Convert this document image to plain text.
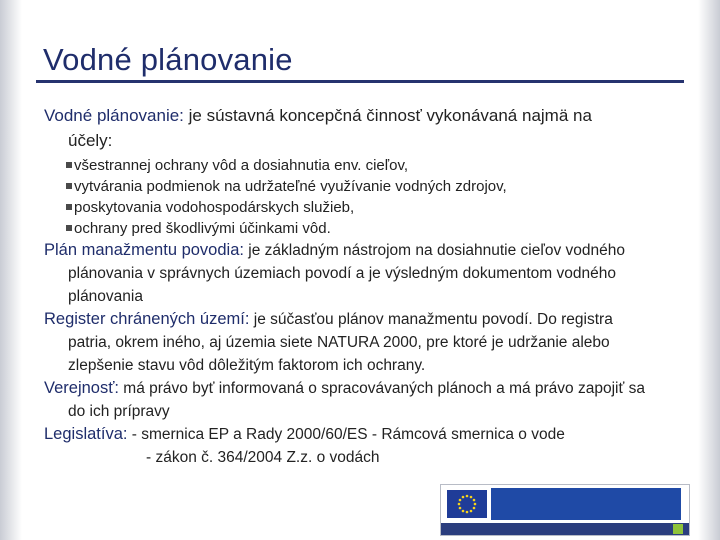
Vodné plánovanie

Vodné plánovanie: je sústavná koncepčná činnosť vykonávaná najmä na

účely:

všestrannej ochrany vôd a dosiahnutia env. cieľov,
vytvárania podmienok na udržateľné využívanie vodných zdrojov,
poskytovania vodohospodárskych služieb,
ochrany pred škodlivými účinkami vôd.

Plán manažmentu povodia: je základným nástrojom na dosiahnutie cieľov vodného

plánovania v správnych územiach povodí a je výsledným dokumentom vodného

plánovania

Register chránených území: je súčasťou plánov manažmentu povodí. Do registra

patria, okrem iného, aj územia siete NATURA 2000, pre ktoré je udržanie alebo

zlepšenie stavu vôd dôležitým faktorom ich ochrany.

Verejnosť: má právo byť informovaná o spracovávaných plánoch a má právo zapojiť sa

do ich prípravy

Legislatíva: - smernica EP a Rady 2000/60/ES - Rámcová smernica o vode

- zákon č. 364/2004 Z.z. o vodách
